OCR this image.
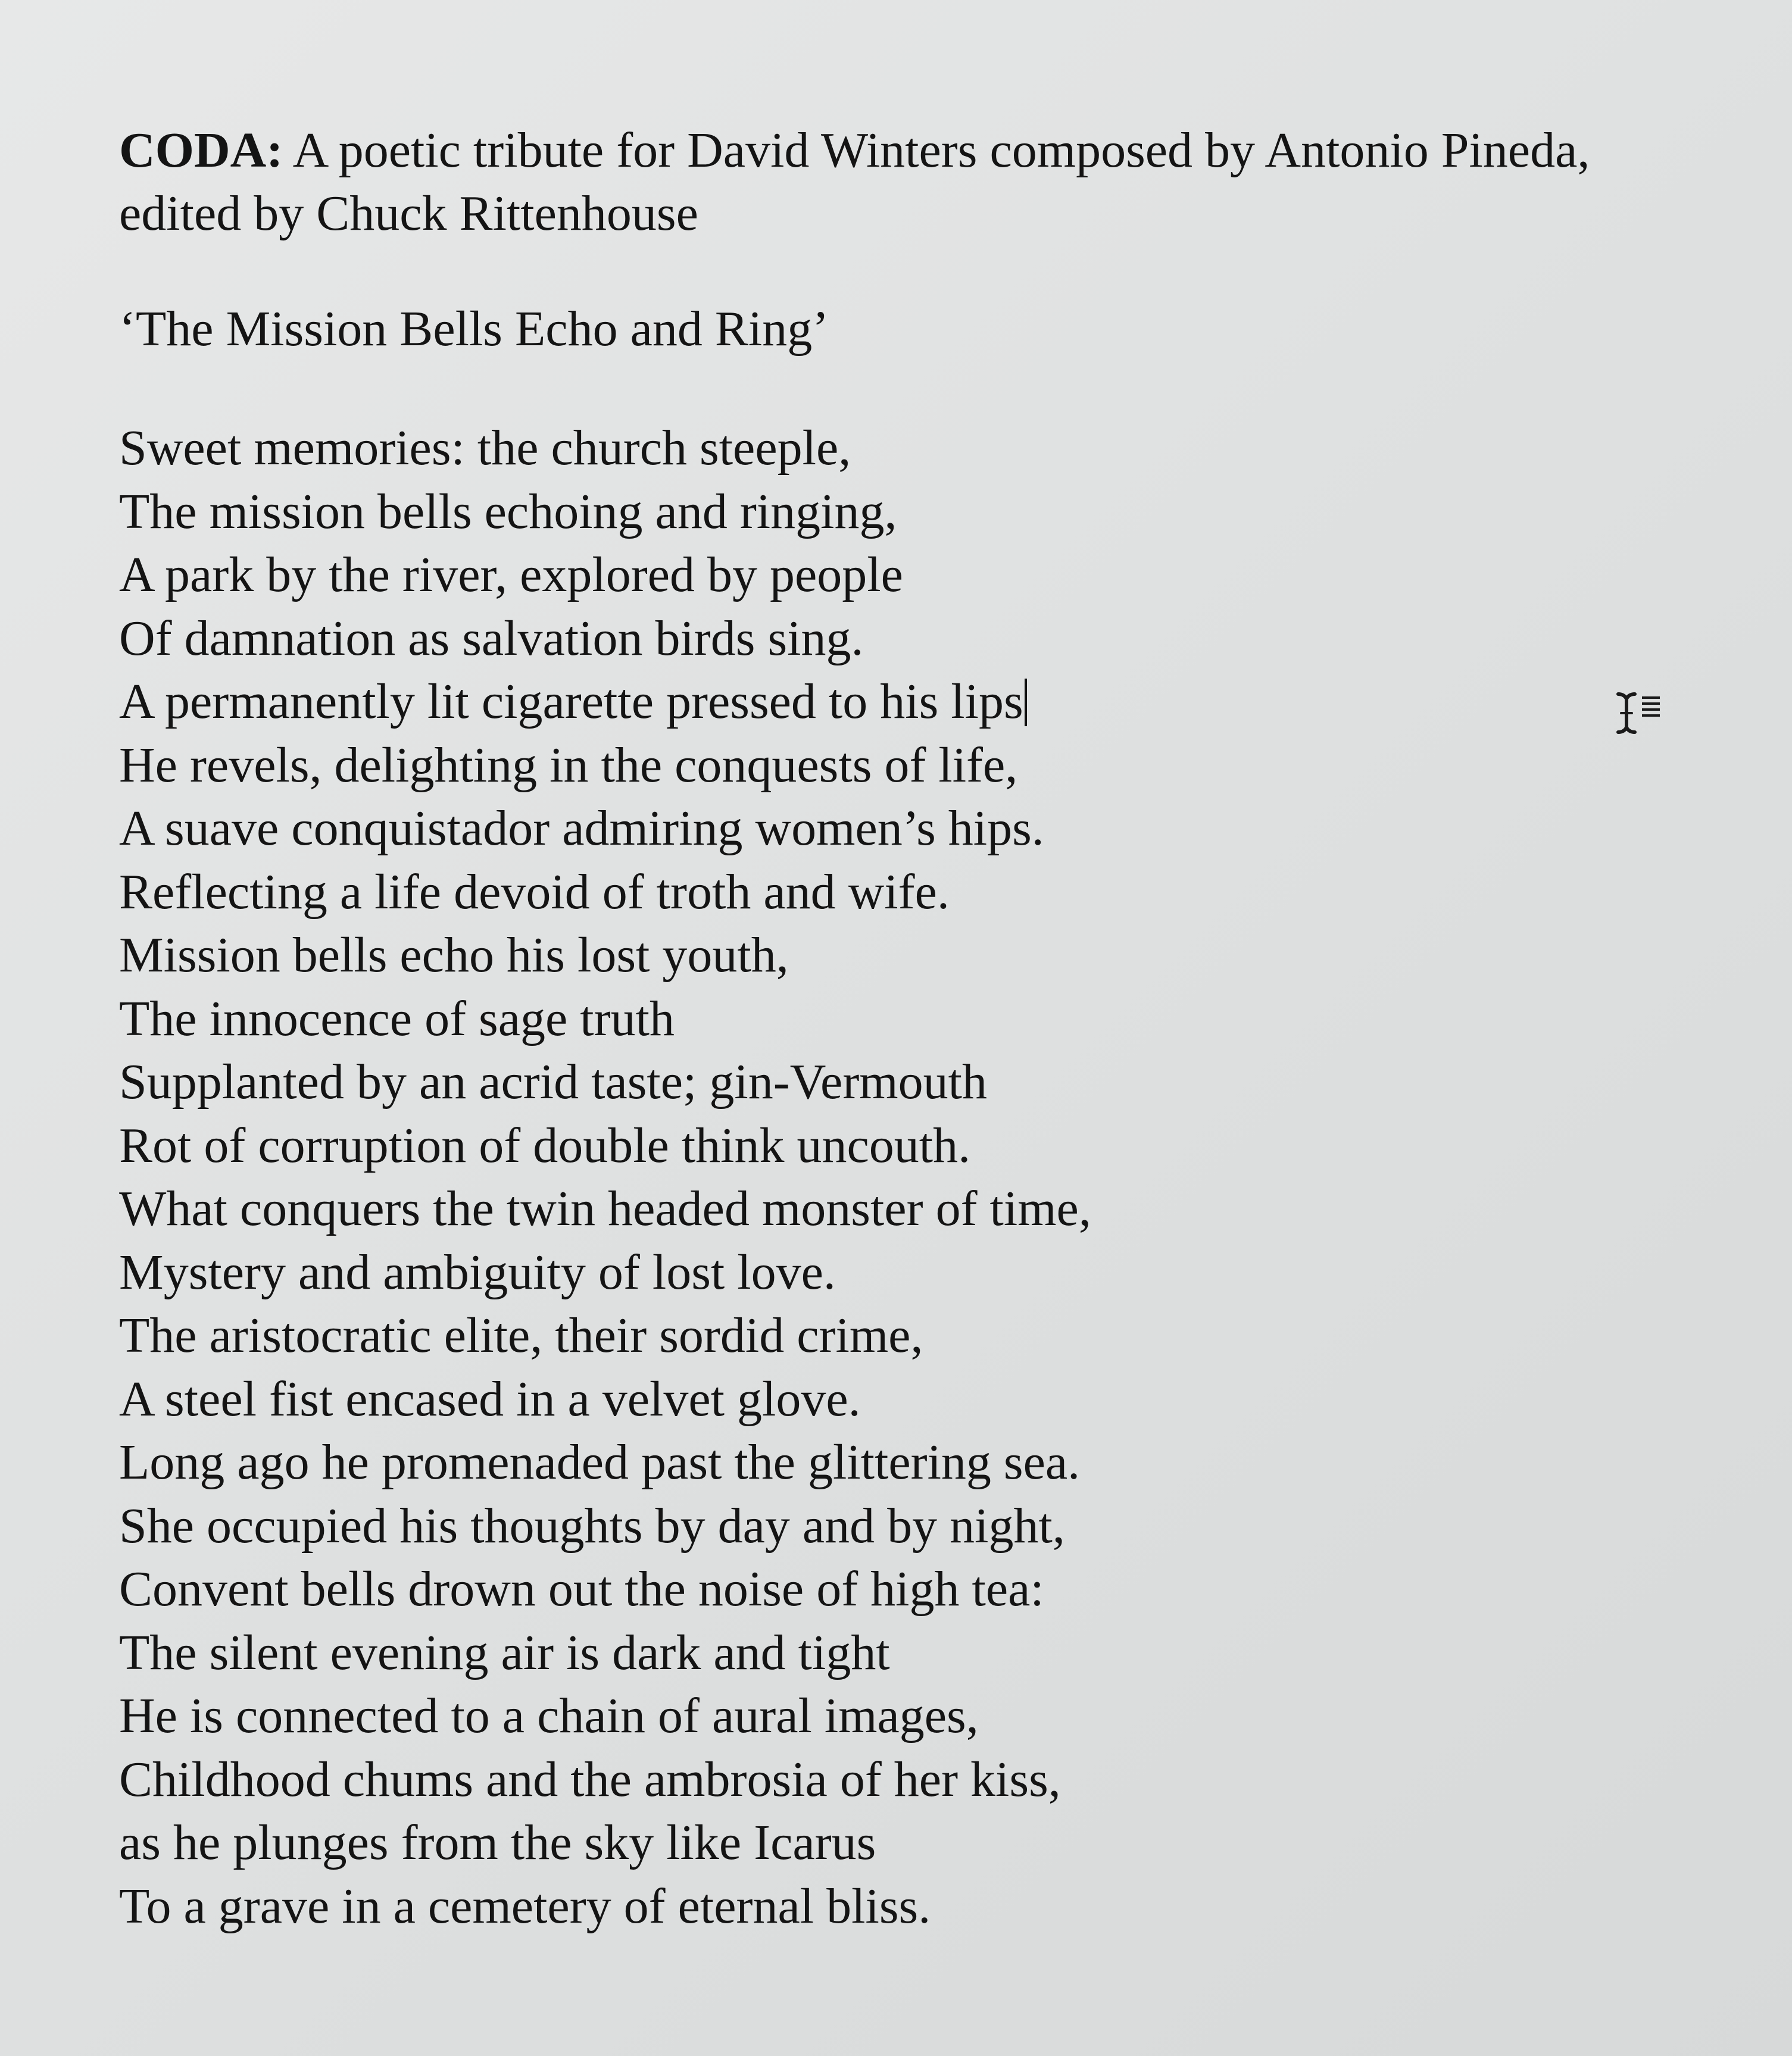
CODA: A poetic tribute for David Winters composed by Antonio Pineda,
edited by Chuck Rittenhouse

‘The Mission Bells Echo and Ring’

Sweet memories: the church steeple,
The mission bells echoing and ringing,
A park by the river, explored by people
Of damnation as salvation birds sing.
A permanently lit cigarette pressed to his lips
He revels, delighting in the conquests of life,
A suave conquistador admiring women’s hips.
Reflecting a life devoid of troth and wife.
Mission bells echo his lost youth,
The innocence of sage truth
Supplanted by an acrid taste; gin-Vermouth
Rot of corruption of double think uncouth.
What conquers the twin headed monster of time,
Mystery and ambiguity of lost love.
The aristocratic elite, their sordid crime,
A steel fist encased in a velvet glove.
Long ago he promenaded past the glittering sea.
She occupied his thoughts by day and by night,
Convent bells drown out the noise of high tea:
The silent evening air is dark and tight
He is connected to a chain of aural images,
Childhood chums and the ambrosia of her kiss,
as he plunges from the sky like Icarus
To a grave in a cemetery of eternal bliss.
